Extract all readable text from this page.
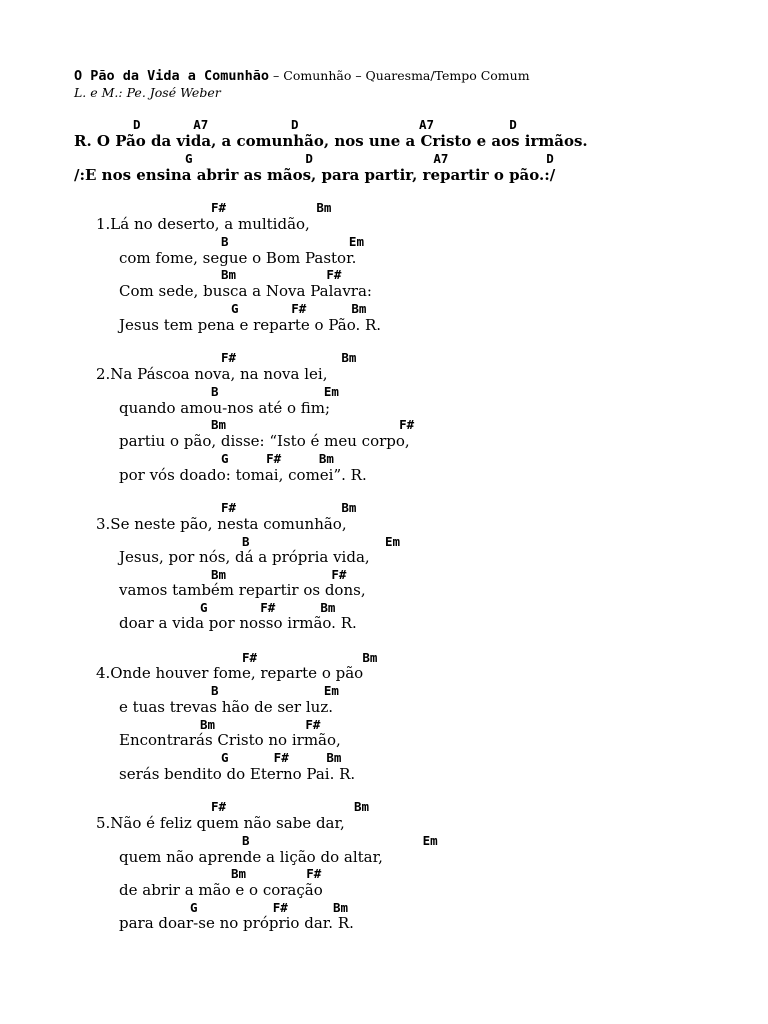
O Pão da Vida a Comunhão – Comunhão – Quaresma/Tempo Comum
L. e M.: Pe. José Weber
D       A7           D                A7          D
R. O Pão da vida, a comunhão, nos une a Cristo e aos irmãos.
G               D                A7             D
/:E nos ensina abrir as mãos, para partir, repartir o pão.:/
F#            Bm
1.Lá no deserto, a multidão,
B                Em
com fome, segue o Bom Pastor.
Bm            F#
Com sede, busca a Nova Palavra:
G       F#      Bm
Jesus tem pena e reparte o Pão. R.
F#              Bm
2.Na Páscoa nova, na nova lei,
B              Em
quando amou-nos até o fim;
Bm                       F#
partiu o pão, disse: “Isto é meu corpo,
G     F#     Bm
por vós doado: tomai, comei”. R.
F#              Bm
3.Se neste pão, nesta comunhão,
B                  Em
Jesus, por nós, dá a própria vida,
Bm              F#
vamos também repartir os dons,
G       F#      Bm
doar a vida por nosso irmão. R.
F#              Bm
4.Onde houver fome, reparte o pão
B              Em
e tuas trevas hão de ser luz.
Bm            F#
Encontrarás Cristo no irmão,
G      F#     Bm
serás bendito do Eterno Pai. R.
F#                 Bm
5.Não é feliz quem não sabe dar,
B                       Em
quem não aprende a lição do altar,
Bm        F#
de abrir a mão e o coração
G          F#      Bm
para doar-se no próprio dar. R.
